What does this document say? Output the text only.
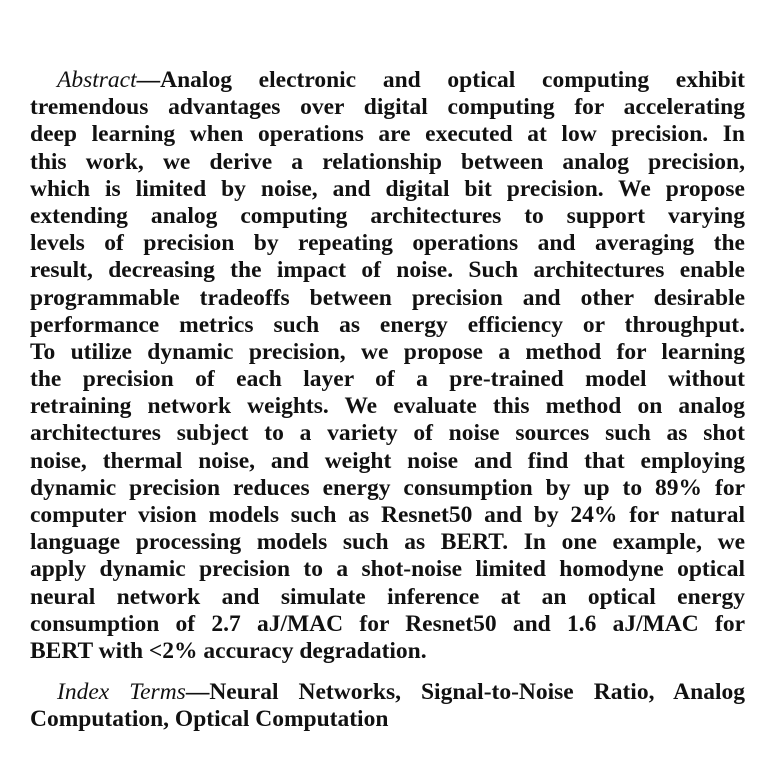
Abstract—Analog electronic and optical computing exhibit
tremendous advantages over digital computing for accelerating
deep learning when operations are executed at low precision. In
this work, we derive a relationship between analog precision,
which is limited by noise, and digital bit precision. We propose
extending analog computing architectures to support varying
levels of precision by repeating operations and averaging the
result, decreasing the impact of noise. Such architectures enable
programmable tradeoffs between precision and other desirable
performance metrics such as energy efficiency or throughput.
To utilize dynamic precision, we propose a method for learning
the precision of each layer of a pre-trained model without
retraining network weights. We evaluate this method on analog
architectures subject to a variety of noise sources such as shot
noise, thermal noise, and weight noise and find that employing
dynamic precision reduces energy consumption by up to 89% for
computer vision models such as Resnet50 and by 24% for natural
language processing models such as BERT. In one example, we
apply dynamic precision to a shot-noise limited homodyne optical
neural network and simulate inference at an optical energy
consumption of 2.7 aJ/MAC for Resnet50 and 1.6 aJ/MAC for
BERT with <2% accuracy degradation.
Index Terms—Neural Networks, Signal-to-Noise Ratio, Analog
Computation, Optical Computation
